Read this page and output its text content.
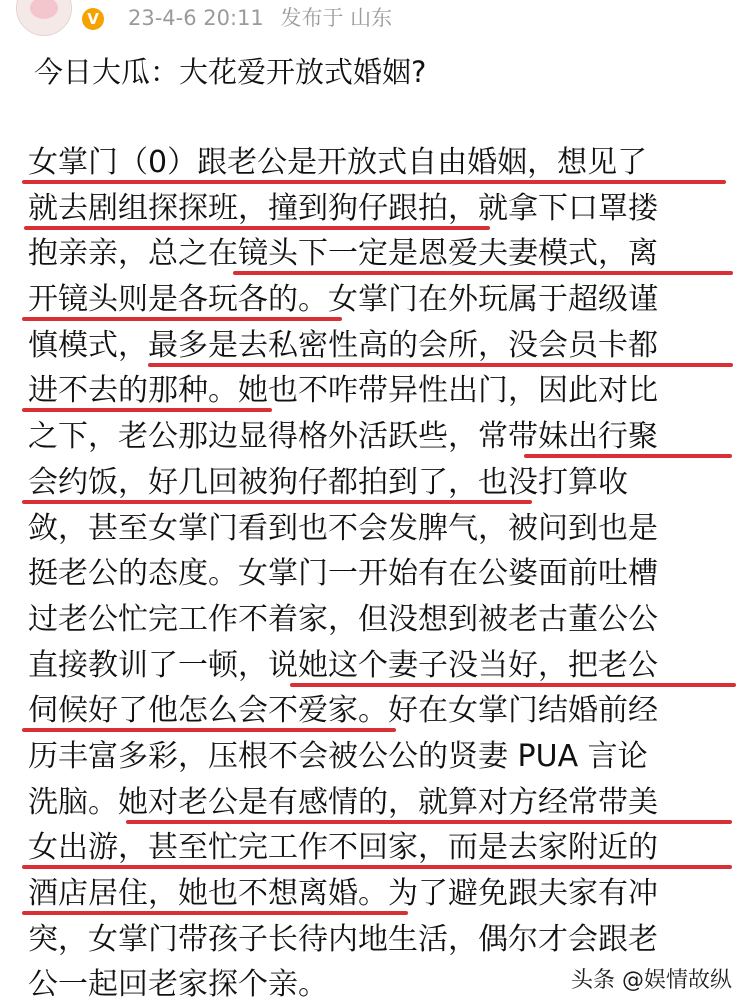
V 23-4-6 20:11 发布于 山东
今日大瓜：大花爱开放式婚姻?
女掌门（0）跟老公是开放式自由婚姻，想见了
就去剧组探探班，撞到狗仔跟拍，就拿下口罩搂
抱亲亲，总之在镜头下一定是恩爱夫妻模式，离
开镜头则是各玩各的。女掌门在外玩属于超级谨
慎模式，最多是去私密性高的会所，没会员卡都
进不去的那种。她也不咋带异性出门，因此对比
之下，老公那边显得格外活跃些，常带妹出行聚
会约饭，好几回被狗仔都拍到了，也没打算收
敛，甚至女掌门看到也不会发脾气，被问到也是
挺老公的态度。女掌门一开始有在公婆面前吐槽
过老公忙完工作不着家，但没想到被老古董公公
直接教训了一顿，说她这个妻子没当好，把老公
伺候好了他怎么会不爱家。好在女掌门结婚前经
历丰富多彩，压根不会被公公的贤妻 PUA 言论
洗脑。她对老公是有感情的，就算对方经常带美
女出游，甚至忙完工作不回家，而是去家附近的
酒店居住，她也不想离婚。为了避免跟夫家有冲
突，女掌门带孩子长待内地生活，偶尔才会跟老
公一起回老家探个亲。	头条 @娱情故纵
